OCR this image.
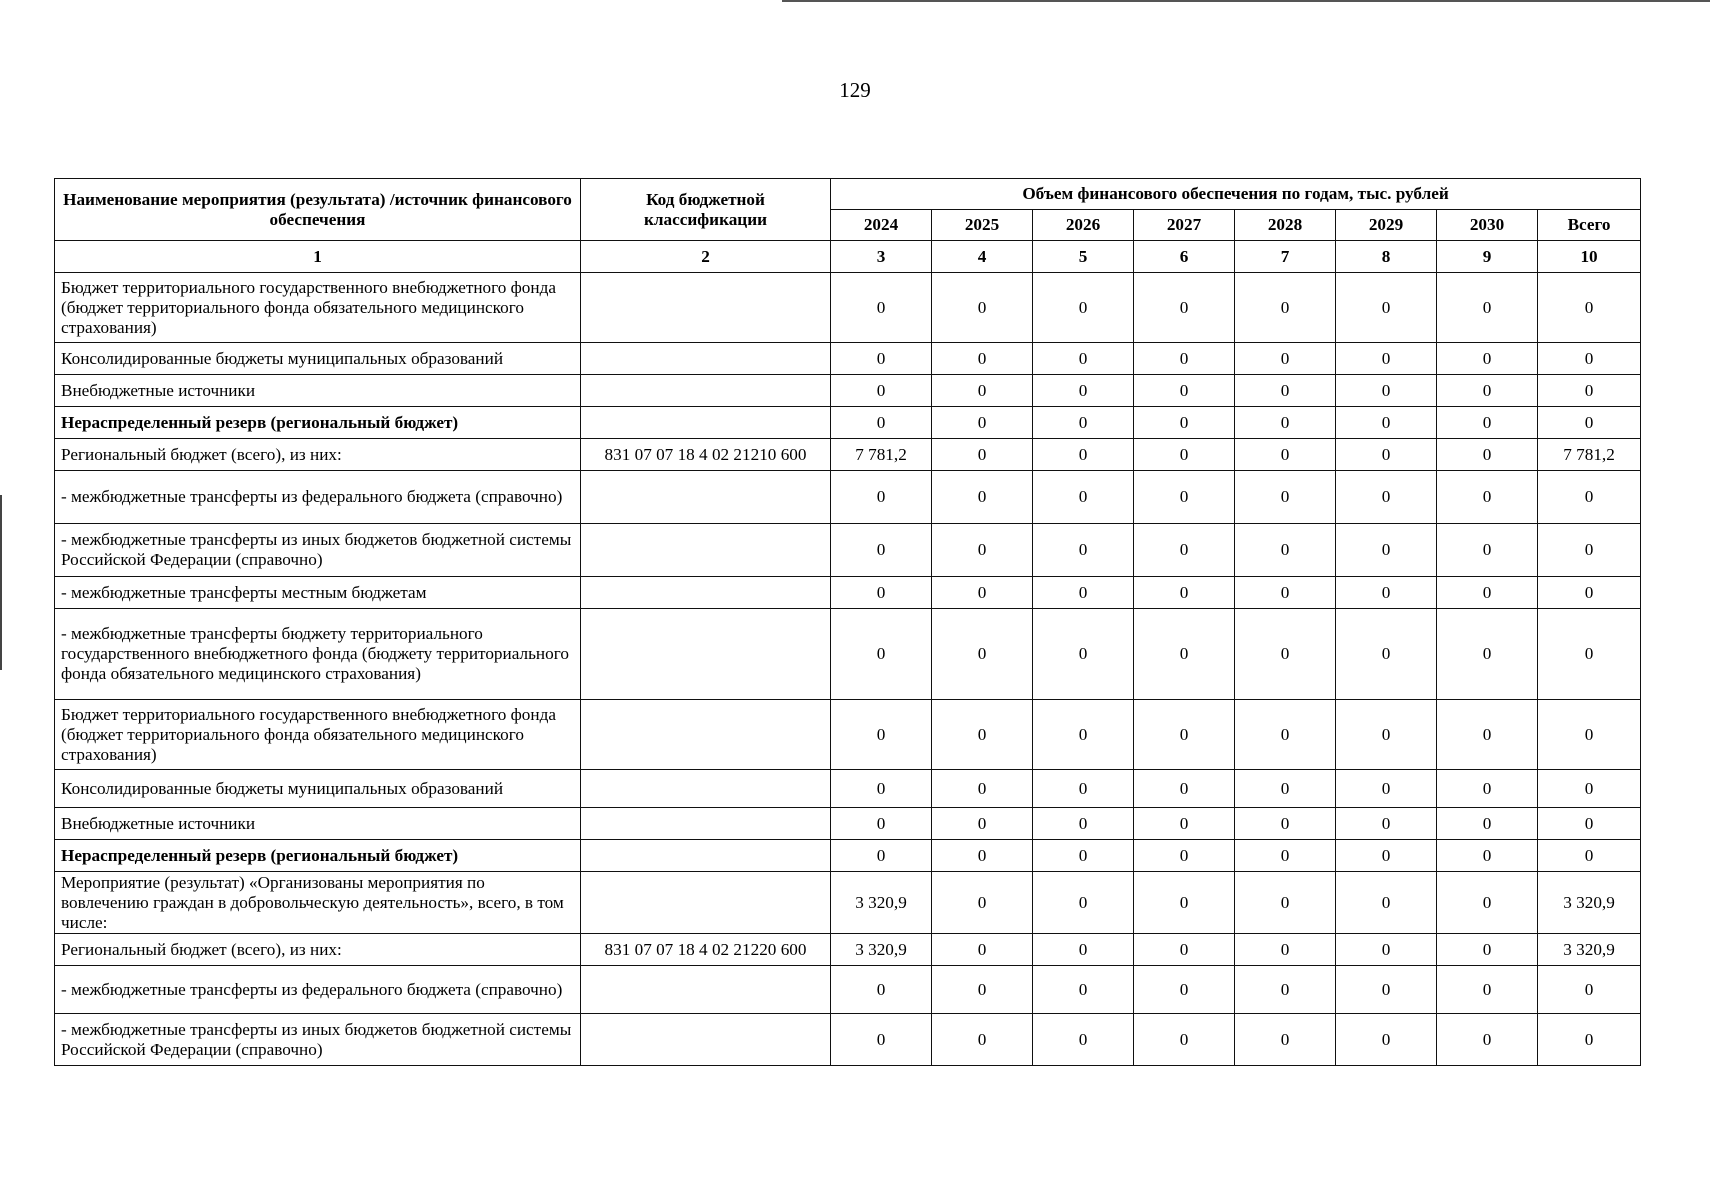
129
Наименование мероприятия (результата) /источник финансового обеспечения	Код бюджетной классификации	Объем финансового обеспечения по годам, тыс. рублей							
		2024	2025	2026	2027	2028	2029	2030	Всего
1	2	3	4	5	6	7	8	9	10
Бюджет территориального государственного внебюджетного фонда (бюджет территориального фонда обязательного медицинского страхования)		0	0	0	0	0	0	0	0
Консолидированные бюджеты муниципальных образований		0	0	0	0	0	0	0	0
Внебюджетные источники		0	0	0	0	0	0	0	0
Нераспределенный резерв (региональный бюджет)		0	0	0	0	0	0	0	0
Региональный бюджет (всего), из них:	831 07 07 18 4 02 21210 600	7 781,2	0	0	0	0	0	0	7 781,2
- межбюджетные трансферты из федерального бюджета (справочно)		0	0	0	0	0	0	0	0
- межбюджетные трансферты из иных бюджетов бюджетной системы Российской Федерации (справочно)		0	0	0	0	0	0	0	0
- межбюджетные трансферты местным бюджетам		0	0	0	0	0	0	0	0
- межбюджетные трансферты бюджету территориального государственного внебюджетного фонда (бюджету территориального фонда обязательного медицинского страхования)		0	0	0	0	0	0	0	0
Бюджет территориального государственного внебюджетного фонда (бюджет территориального фонда обязательного медицинского страхования)		0	0	0	0	0	0	0	0
Консолидированные бюджеты муниципальных образований		0	0	0	0	0	0	0	0
Внебюджетные источники		0	0	0	0	0	0	0	0
Нераспределенный резерв (региональный бюджет)		0	0	0	0	0	0	0	0
Мероприятие (результат) «Организованы мероприятия по вовлечению граждан в добровольческую деятельность», всего, в том числе:		3 320,9	0	0	0	0	0	0	3 320,9
Региональный бюджет (всего), из них:	831 07 07 18 4 02 21220 600	3 320,9	0	0	0	0	0	0	3 320,9
- межбюджетные трансферты из федерального бюджета (справочно)		0	0	0	0	0	0	0	0
- межбюджетные трансферты из иных бюджетов бюджетной системы Российской Федерации (справочно)		0	0	0	0	0	0	0	0
